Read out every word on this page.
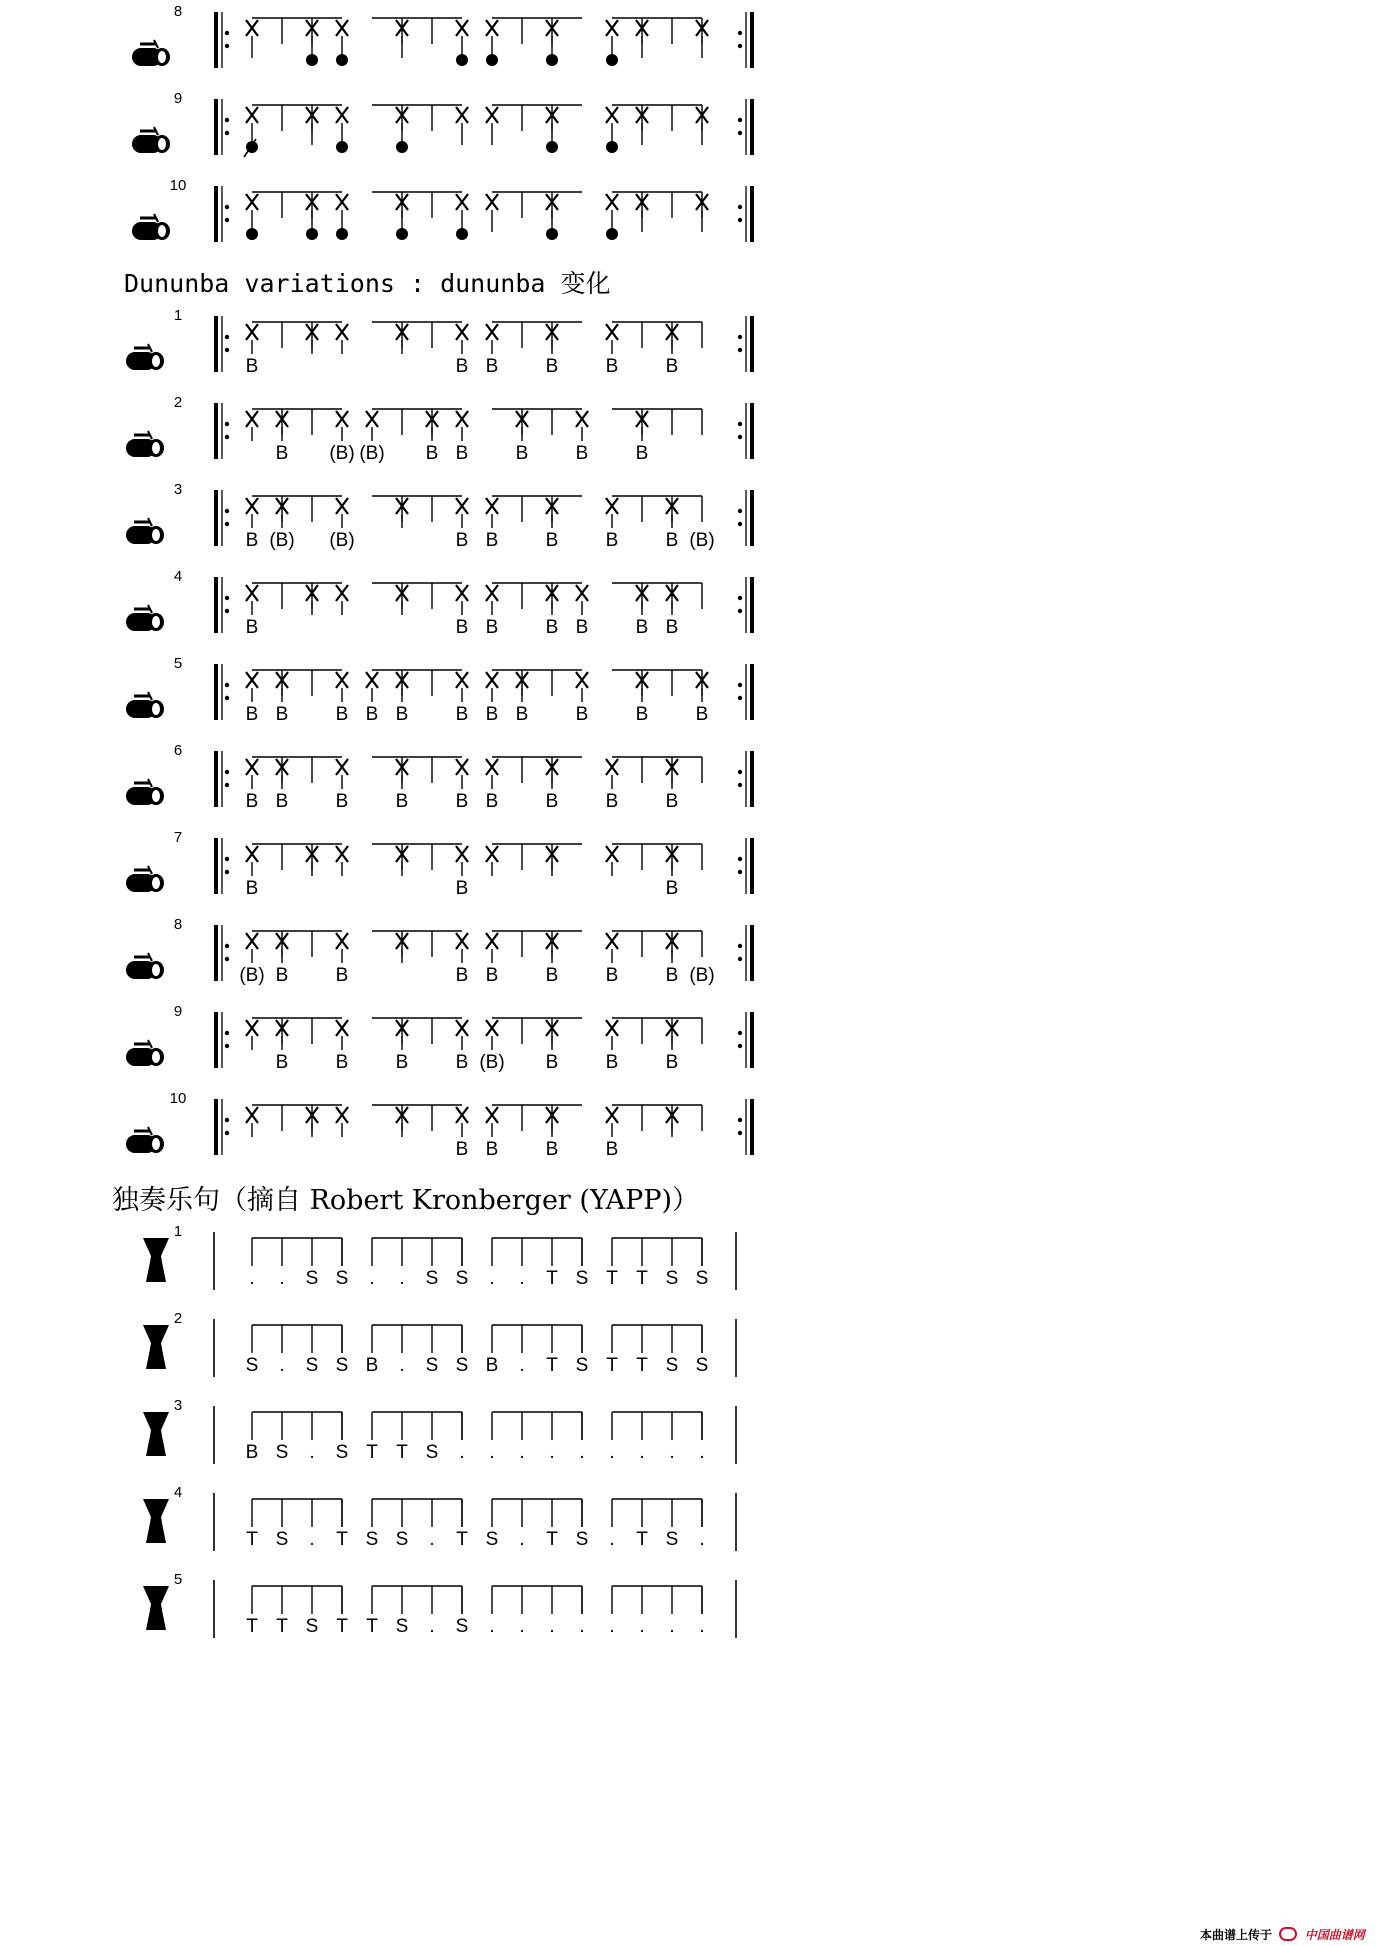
8
9
10
1
B	B B B B B
2
B (B) (B) B B B B B
3
B (B) (B)	B B B B B (B)
4
B	B B B B B B
5
B B B B B B B B B B B
6
B B B B B B B B B
7
B	B	B
8
(B) B B	B B B B B (B)
9
B B B B (B) B B B
10
B B B B
1
. . S S . . S S . . T S T T S S
2
S . S S B . S S B . T S T T S S
3
B S . S T T S . . . . . . . . .
4
T S . T S S . T S . T S . T S .
5
T T S T T S . S . . . . . . . .
Dununba variations : dununba 变化
独奏乐句（摘自 Robert Kronberger (YAPP)）
本曲谱上传于	中国曲谱网
